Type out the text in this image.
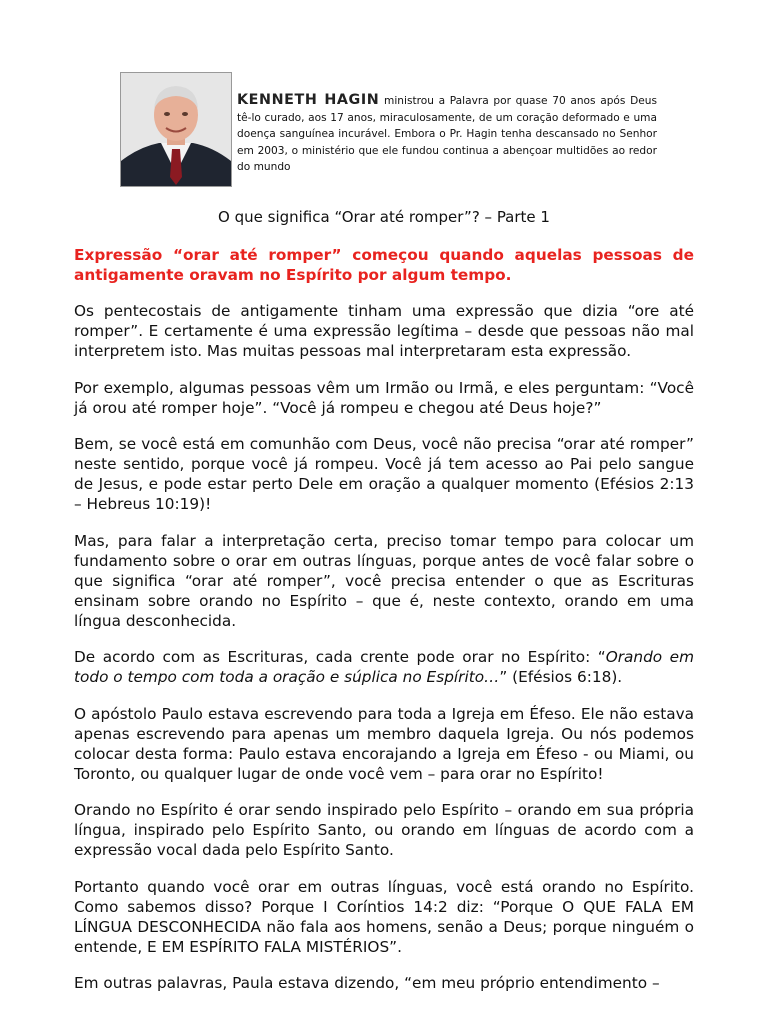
KENNETH HAGIN ministrou a Palavra por quase 70 anos após Deus tê-lo curado, aos 17 anos, miraculosamente, de um coração deformado e uma doença sanguínea incurável. Embora o Pr. Hagin tenha descansado no Senhor em 2003, o ministério que ele fundou continua a abençoar multidões ao redor do mundo
O que significa “Orar até romper”? – Parte 1

Expressão “orar até romper” começou quando aquelas pessoas de antigamente oravam no Espírito por algum tempo.

Os pentecostais de antigamente tinham uma expressão que dizia “ore até romper”. E certamente é uma expressão legítima – desde que pessoas não mal interpretem isto. Mas muitas pessoas mal interpretaram esta expressão.

Por exemplo, algumas pessoas vêm um Irmão ou Irmã, e eles perguntam: “Você já orou até romper hoje”. “Você já rompeu e chegou até Deus hoje?”

Bem, se você está em comunhão com Deus, você não precisa “orar até romper” neste sentido, porque você já rompeu. Você já tem acesso ao Pai pelo sangue de Jesus, e pode estar perto Dele em oração a qualquer momento (Efésios 2:13 – Hebreus 10:19)!

Mas, para falar a interpretação certa, preciso tomar tempo para colocar um fundamento sobre o orar em outras línguas, porque antes de você falar sobre o que significa “orar até romper”, você precisa entender o que as Escrituras ensinam sobre orando no Espírito – que é, neste contexto, orando em uma língua desconhecida.

De acordo com as Escrituras, cada crente pode orar no Espírito: “Orando em todo o tempo com toda a oração e súplica no Espírito…” (Efésios 6:18).

O apóstolo Paulo estava escrevendo para toda a Igreja em Éfeso. Ele não estava apenas escrevendo para apenas um membro daquela Igreja. Ou nós podemos colocar desta forma: Paulo estava encorajando a Igreja em Éfeso - ou Miami, ou Toronto, ou qualquer lugar de onde você vem – para orar no Espírito!

Orando no Espírito é orar sendo inspirado pelo Espírito – orando em sua própria língua, inspirado pelo Espírito Santo, ou orando em línguas de acordo com a expressão vocal dada pelo Espírito Santo.

Portanto quando você orar em outras línguas, você está orando no Espírito. Como sabemos disso? Porque I Coríntios 14:2 diz: “Porque O QUE FALA EM LÍNGUA DESCONHECIDA não fala aos homens, senão a Deus; porque ninguém o entende, E EM ESPÍRITO FALA MISTÉRIOS”.

Em outras palavras, Paula estava dizendo, “em meu próprio entendimento –
